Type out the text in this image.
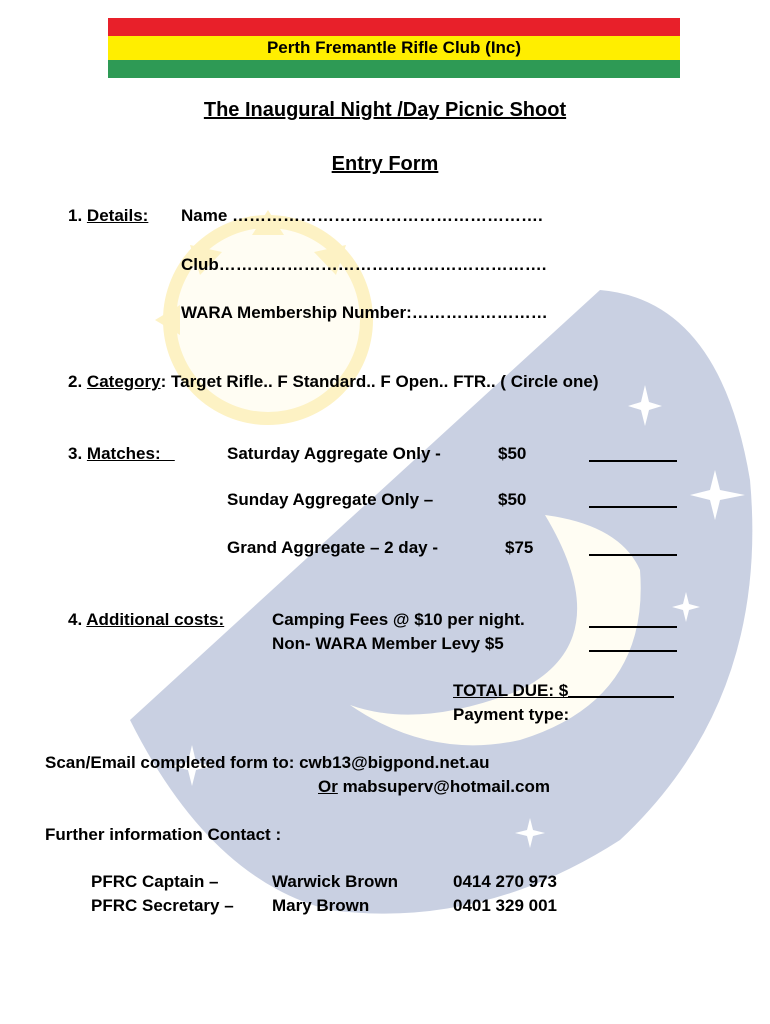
Perth Fremantle Rifle Club (Inc)
The Inaugural Night /Day Picnic Shoot
Entry Form
1. Details: Name ……………………………………………….
Club………………………………………………….
WARA Membership Number:……………………
2. Category: Target Rifle.. F Standard.. F Open.. FTR.. ( Circle one)
3. Matches:	Saturday Aggregate Only -	$50
Sunday Aggregate Only –	$50
Grand Aggregate – 2 day -	$75
4. Additional costs:	Camping Fees @ $10 per night.
Non- WARA Member Levy $5
TOTAL DUE: $
Payment type:
Scan/Email completed form to: cwb13@bigpond.net.au
Or mabsuperv@hotmail.com
Further information Contact :
PFRC Captain –	Warwick Brown	0414 270 973
PFRC Secretary – Mary Brown	0401 329 001
